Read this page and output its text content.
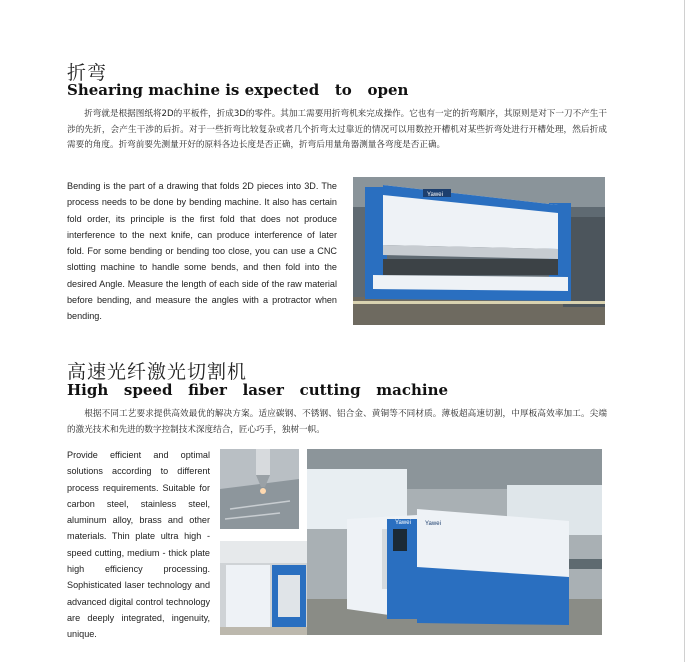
折弯
Shearing machine is expected   to   open

折弯就是根据图纸将2D的平板件，折成3D的零件。其加工需要用折弯机来完成操作。它也有一定的折弯顺序，其原则是对下一刀不产生干涉的先折，会产生干涉的后折。对于一些折弯比较复杂或者几个折弯太过靠近的情况可以用数控开槽机对某些折弯处进行开槽处理，然后折成需要的角度。折弯前要先测量开好的原料各边长度是否正确，折弯后用量角器测量各弯度是否正确。

Bending is the part of a drawing that folds 2D pieces into 3D. The process needs to be done by bending machine. It also has certain fold order, its principle is the first fold that does not produce interference to the next knife, can produce interference of later fold. For some bending or bending too close, you can use a CNC slotting machine to handle some bends, and then fold into the desired Angle. Measure the length of each side of the raw material before bending, and measure the angles with a protractor when bending.

Yawei
高速光纤激光切割机
High   speed   fiber   laser   cutting   machine

根据不同工艺要求提供高效最优的解决方案。适应碳钢、不锈钢、铝合金、黄铜等不同材质。薄板超高速切割，中厚板高效率加工。尖端的激光技术和先进的数字控制技术深度结合，匠心巧手，独树一帜。

Provide efficient and optimal solutions according to different process requirements. Suitable for carbon steel, stainless steel, aluminum alloy, brass and other materials. Thin plate ultra high - speed cutting, medium - thick plate high efficiency processing. Sophisticated laser technology and advanced digital control technology are deeply integrated, ingenuity, unique.

Yawei Yawei
